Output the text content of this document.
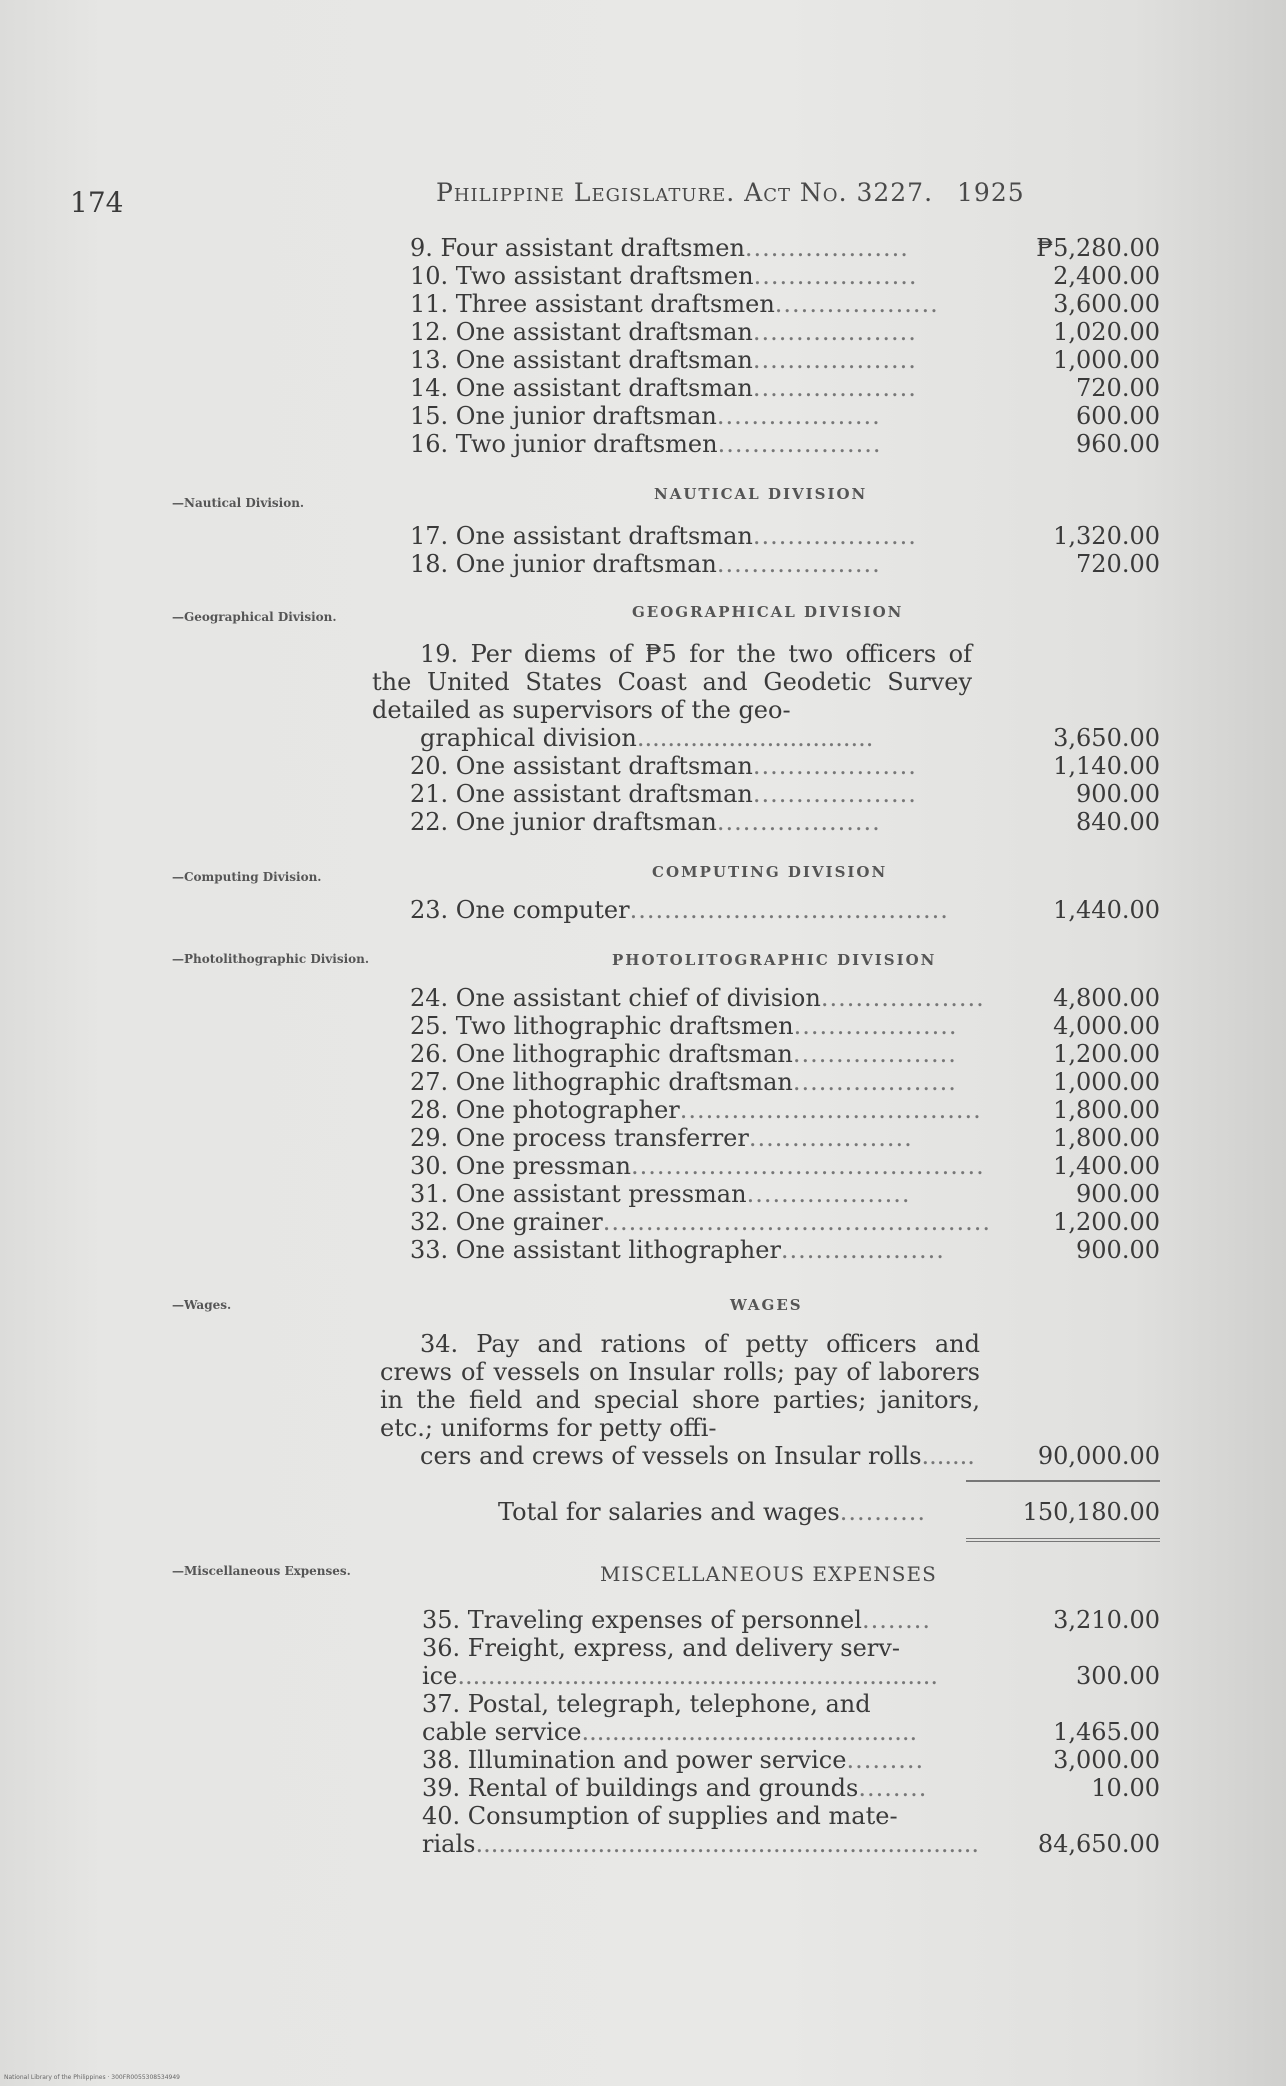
174	Philippine Legislature. Act No. 3227. 1925
9. Four assistant draftsmen...................	₱5,280.00
10. Two assistant draftsmen...................	2,400.00
11. Three assistant draftsmen...................	3,600.00
12. One assistant draftsman...................	1,020.00
13. One assistant draftsman...................	1,000.00
14. One assistant draftsman...................	720.00
15. One junior draftsman...................	600.00
16. Two junior draftsmen...................	960.00
—Nautical Division.	NAUTICAL DIVISION
17. One assistant draftsman...................	1,320.00
18. One junior draftsman...................	720.00
—Geographical Division.	GEOGRAPHICAL DIVISION
19. Per diems of ₱5 for the two officers of the United States Coast and Geodetic Survey detailed as supervisors of the geo-
graphical division...............................	3,650.00
20. One assistant draftsman...................	1,140.00
21. One assistant draftsman...................	900.00
22. One junior draftsman...................	840.00
—Computing Division.	COMPUTING DIVISION
23. One computer.....................................	1,440.00
—Photolithographic Division.	PHOTOLITOGRAPHIC DIVISION
24. One assistant chief of division...................	4,800.00
25. Two lithographic draftsmen...................	4,000.00
26. One lithographic draftsman...................	1,200.00
27. One lithographic draftsman...................	1,000.00
28. One photographer...................................	1,800.00
29. One process transferrer...................	1,800.00
30. One pressman.........................................	1,400.00
31. One assistant pressman...................	900.00
32. One grainer.............................................	1,200.00
33. One assistant lithographer...................	900.00
—Wages.	WAGES
34. Pay and rations of petty officers and crews of vessels on Insular rolls; pay of laborers in the field and special shore parties; janitors, etc.; uniforms for petty offi-
cers and crews of vessels on Insular rolls.......	90,000.00
Total for salaries and wages..........	150,180.00
—Miscellaneous Expenses.	MISCELLANEOUS EXPENSES
35. Traveling expenses of personnel........	3,210.00
36. Freight, express, and delivery serv-
ice...............................................................	300.00
37. Postal, telegraph, telephone, and
cable service............................................	1,465.00
38. Illumination and power service.........	3,000.00
39. Rental of buildings and grounds........	10.00
40. Consumption of supplies and mate-
rials..................................................................	84,650.00
National Library of the Philippines · 300FR0055308534949
